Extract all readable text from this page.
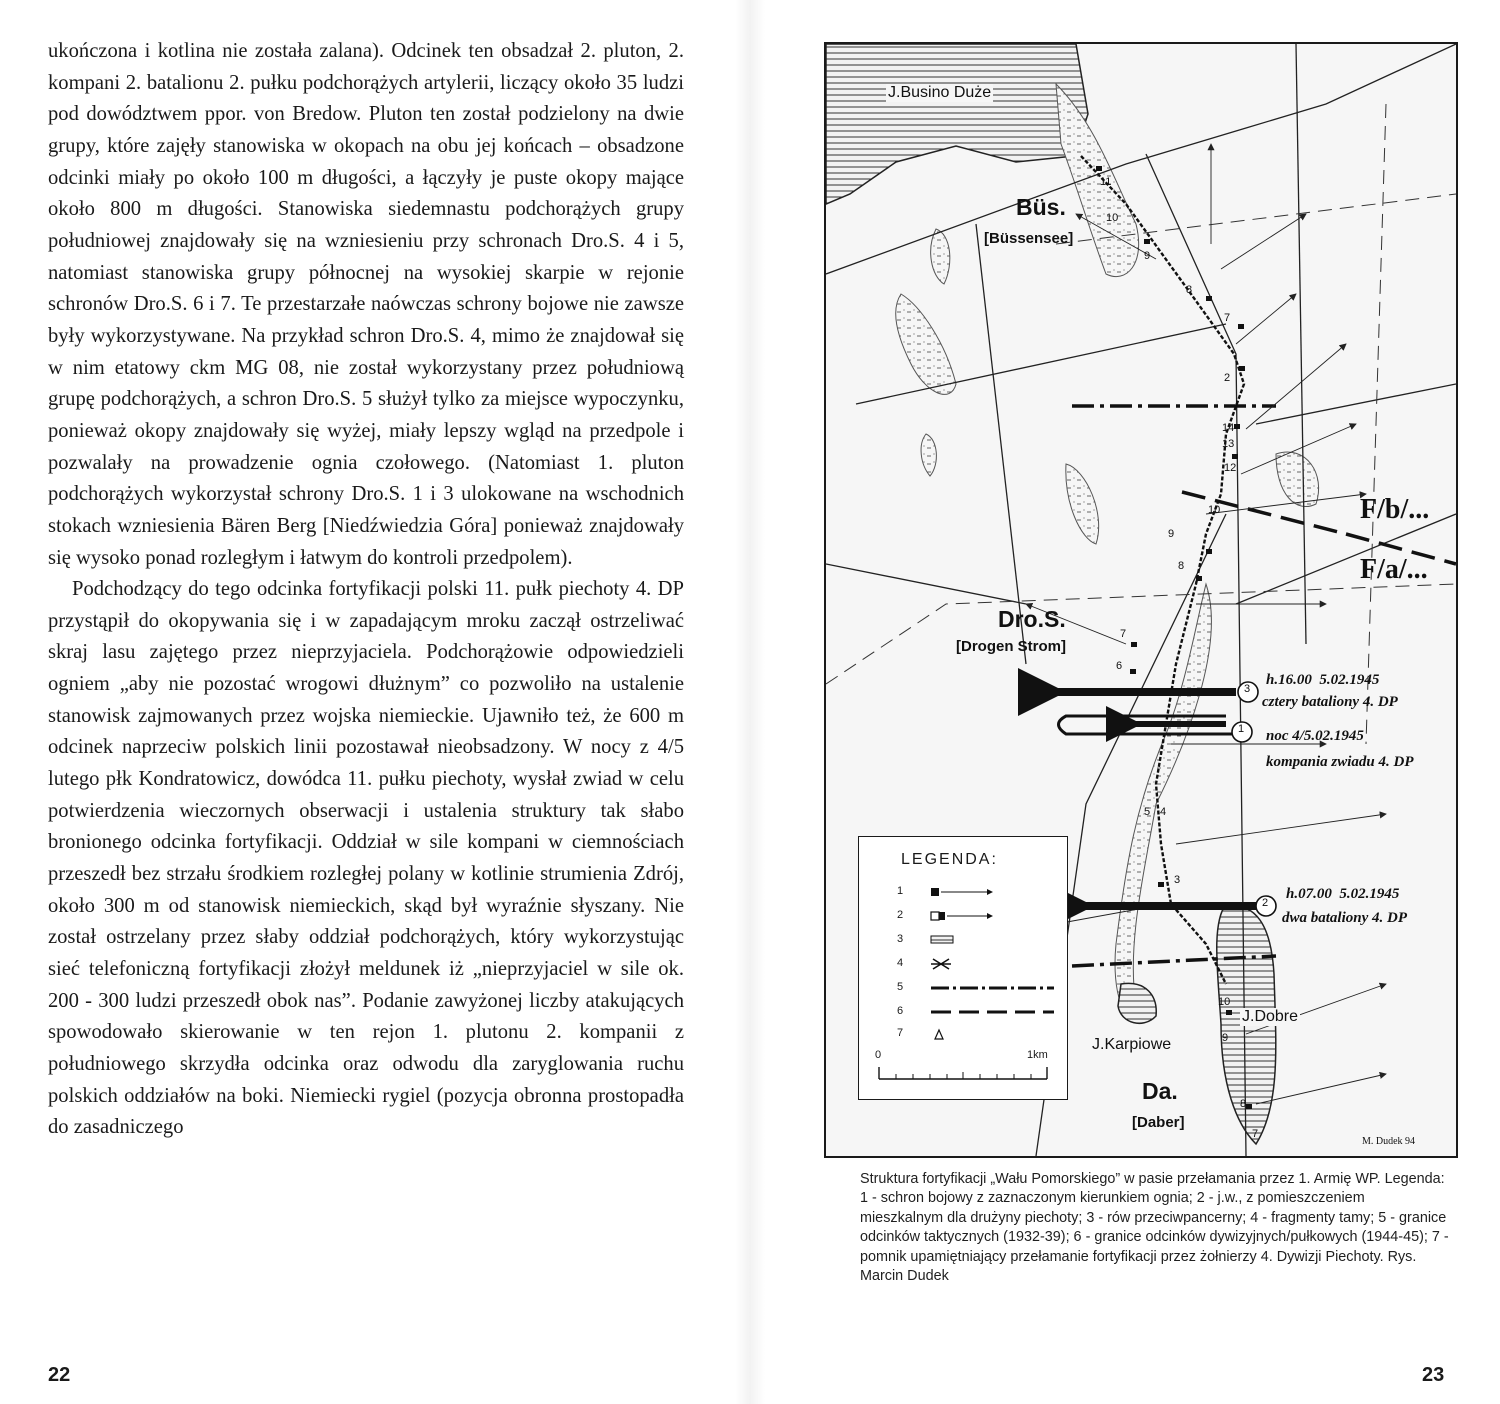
ukończona i kotlina nie została zalana). Odcinek ten obsadzał 2. pluton, 2. kompani 2. batalionu 2. pułku podchorążych artylerii, liczący około 35 ludzi pod dowództwem ppor. von Bredow. Pluton ten został podzielony na dwie grupy, które zajęły stanowiska w okopach na obu jej końcach – obsadzone odcinki miały po około 100 m długości, a łączyły je puste okopy mające około 800 m długości. Stanowiska siedemnastu podchorążych grupy południowej znajdowały się na wzniesieniu przy schronach Dro.S. 4 i 5, natomiast stanowiska grupy północnej na wysokiej skarpie w rejonie schronów Dro.S. 6 i 7. Te przestarzałe naówczas schrony bojowe nie zawsze były wykorzystywane. Na przykład schron Dro.S. 4, mimo że znajdował się w nim etatowy ckm MG 08, nie został wykorzystany przez południową grupę podchorążych, a schron Dro.S. 5 służył tylko za miejsce wypoczynku, ponieważ okopy znajdowały się wyżej, miały lepszy wgląd na przedpole i pozwalały na prowadzenie ognia czołowego. (Natomiast 1. pluton podchorążych wykorzystał schrony Dro.S. 1 i 3 ulokowane na wschodnich stokach wzniesienia Bären Berg [Niedźwiedzia Góra] ponieważ znajdowały się wysoko ponad rozległym i łatwym do kontroli przedpolem).

Podchodzący do tego odcinka fortyfikacji polski 11. pułk piechoty 4. DP przystąpił do okopywania się i w zapadającym mroku zaczął ostrzeliwać skraj lasu zajętego przez nieprzyjaciela. Podchorążowie odpowiedzieli ogniem „aby nie pozostać wrogowi dłużnym” co pozwoliło na ustalenie stanowisk zajmowanych przez wojska niemieckie. Ujawniło też, że 600 m odcinek naprzeciw polskich linii pozostawał nieobsadzony. W nocy z 4/5 lutego płk Kondratowicz, dowódca 11. pułku piechoty, wysłał zwiad w celu potwierdzenia wieczornych obserwacji i ustalenia struktury tak słabo bronionego odcinka fortyfikacji. Oddział w sile kompani w ciemnościach przeszedł bez strzału środkiem rozległej polany w kotlinie strumienia Zdrój, około 300 m od stanowisk niemieckich, skąd był wyraźnie słyszany. Nie został ostrzelany przez słaby oddział podchorążych, który wykorzystując sieć telefoniczną fortyfikacji złożył meldunek iż „nieprzyjaciel w sile ok. 200 - 300 ludzi przeszedł obok nas”. Podanie zawyżonej liczby atakujących spowodowało skierowanie w ten rejon 1. plutonu 2. kompanii z południowego skrzydła odcinka oraz odwodu dla zaryglowania ruchu polskich oddziałów na boki. Niemiecki rygiel (pozycja obronna prostopadła do zasadniczego

22
J.Busino Duże
Büs.
[Büssensee]
11
10
9
8
7
2
14
13
12
F/b/...
F/a/...
10
9
8
7
6
5 4
3
Dro.S.
[Drogen Strom]
h.16.00 5.02.1945
cztery bataliony 4. DP
noc 4/5.02.1945
kompania zwiadu 4. DP
h.07.00 5.02.1945
dwa bataliony 4. DP
3
1
2
10
9
8
7
J.Dobre
J.Karpiowe
Da.
[Daber]
M. Dudek 94
LEGENDA:
1
2
3
4
5
6
7
0	1km
Struktura fortyfikacji „Wału Pomorskiego” w pasie przełamania przez 1. Armię WP. Legenda: 1 - schron bojowy z zaznaczonym kierunkiem ognia; 2 - j.w., z pomieszczeniem mieszkalnym dla drużyny piechoty; 3 - rów przeciwpancerny; 4 - fragmenty tamy; 5 - granice odcinków taktycznych (1932-39); 6 - granice odcinków dywizyjnych/pułkowych (1944-45); 7 - pomnik upamiętniający przełamanie fortyfikacji przez żołnierzy 4. Dywizji Piechoty. Rys. Marcin Dudek
23
